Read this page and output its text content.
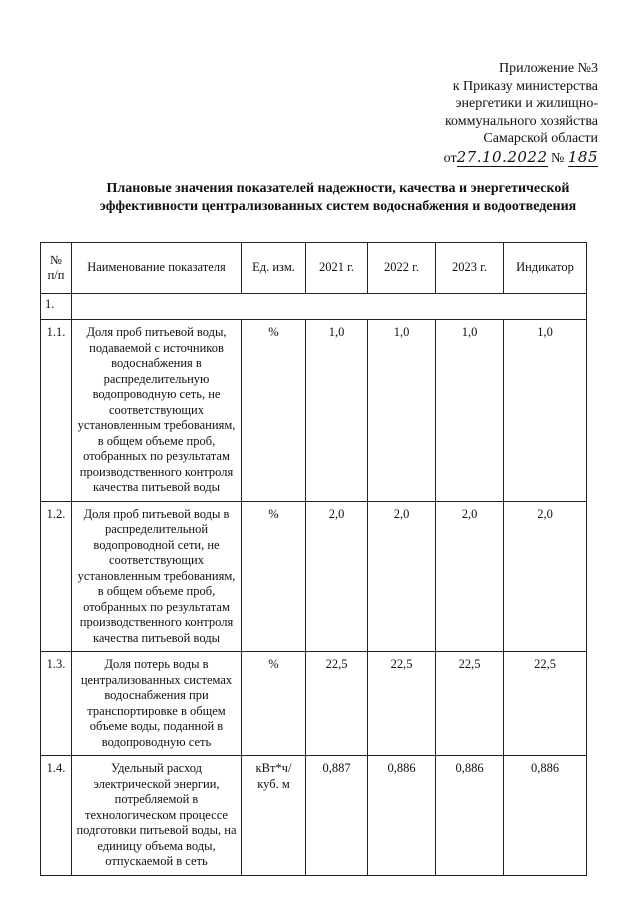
Приложение №3
к Приказу министерства
энергетики и жилищно-
коммунального хозяйства
Самарской области
от27.10.2022 № 185
Плановые значения показателей надежности, качества и энергетической эффективности централизованных систем водоснабжения и водоотведения
№ п/п	Наименование показателя	Ед. изм.	2021 г.	2022 г.	2023 г.	Индикатор
1.						
1.1.	Доля проб питьевой воды, подаваемой с источников водоснабжения в распределительную водопроводную сеть, не соответствующих установленным требованиям, в общем объеме проб, отобранных по результатам производственного контроля качества питьевой воды	%	1,0	1,0	1,0	1,0
1.2.	Доля проб питьевой воды в распределительной водопроводной сети, не соответствующих установленным требованиям, в общем объеме проб, отобранных по результатам производственного контроля качества питьевой воды	%	2,0	2,0	2,0	2,0
1.3.	Доля потерь воды в централизованных системах водоснабжения при транспортировке в общем объеме воды, поданной в водопроводную сеть	%	22,5	22,5	22,5	22,5
1.4.	Удельный расход электрической энергии, потребляемой в технологическом процессе подготовки питьевой воды, на единицу объема воды, отпускаемой в сеть	кВт*ч/куб. м	0,887	0,886	0,886	0,886
